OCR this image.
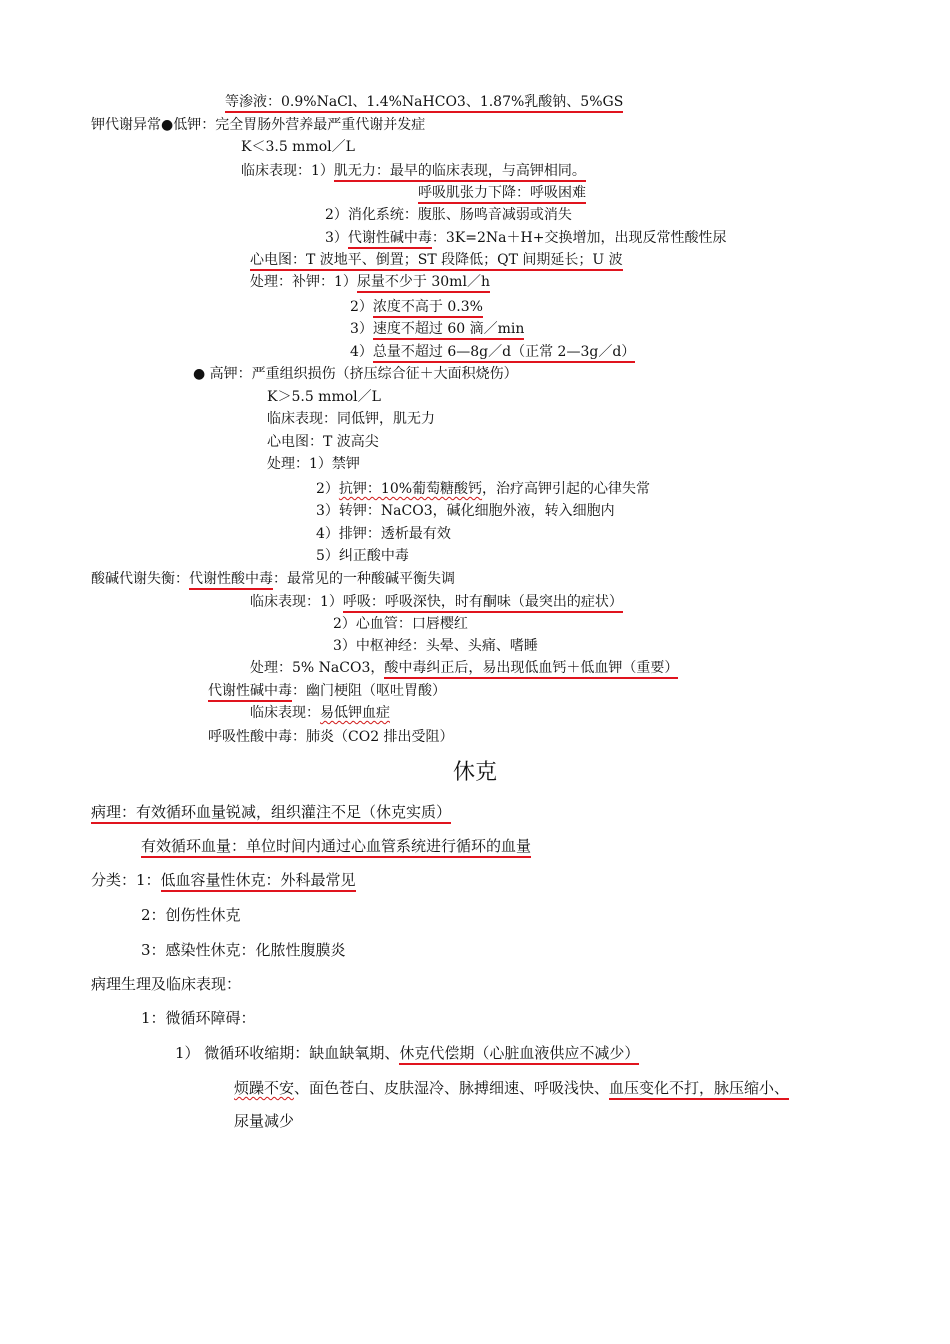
等渗液：0.9%NaCl、1.4%NaHCO3、1.87%乳酸钠、5%GS
钾代谢异常●低钾：完全胃肠外营养最严重代谢并发症
K＜3.5 mmol／L
临床表现：1）肌无力：最早的临床表现，与高钾相同。
呼吸肌张力下降：呼吸困难
2）消化系统：腹胀、肠鸣音减弱或消失
3）代谢性碱中毒：3K=2Na＋H+交换增加，出现反常性酸性尿
心电图：T 波地平、倒置；ST 段降低；QT 间期延长；U 波
处理：补钾：1）尿量不少于 30ml／h
2）浓度不高于 0.3%
3）速度不超过 60 滴／min
4）总量不超过 6—8g／d（正常 2—3g／d）
● 高钾：严重组织损伤（挤压综合征＋大面积烧伤）
K＞5.5 mmol／L
临床表现：同低钾，肌无力
心电图：T 波高尖
处理：1）禁钾
2）抗钾：10%葡萄糖酸钙，治疗高钾引起的心律失常
3）转钾：NaCO3，碱化细胞外液，转入细胞内
4）排钾：透析最有效
5）纠正酸中毒
酸碱代谢失衡：代谢性酸中毒：最常见的一种酸碱平衡失调
临床表现：1）呼吸：呼吸深快，时有酮味（最突出的症状）
2）心血管：口唇樱红
3）中枢神经：头晕、头痛、嗜睡
处理：5% NaCO3，酸中毒纠正后，易出现低血钙＋低血钾（重要）
代谢性碱中毒：幽门梗阻（呕吐胃酸）
临床表现：易低钾血症
呼吸性酸中毒：肺炎（CO2 排出受阻）
休克
病理：有效循环血量锐减，组织灌注不足（休克实质）
有效循环血量：单位时间内通过心血管系统进行循环的血量
分类：1：低血容量性休克：外科最常见
2：创伤性休克
3：感染性休克：化脓性腹膜炎
病理生理及临床表现：
1：微循环障碍：
1） 微循环收缩期：缺血缺氧期、休克代偿期（心脏血液供应不减少）
烦躁不安、面色苍白、皮肤湿冷、脉搏细速、呼吸浅快、血压变化不打，脉压缩小、
尿量减少
